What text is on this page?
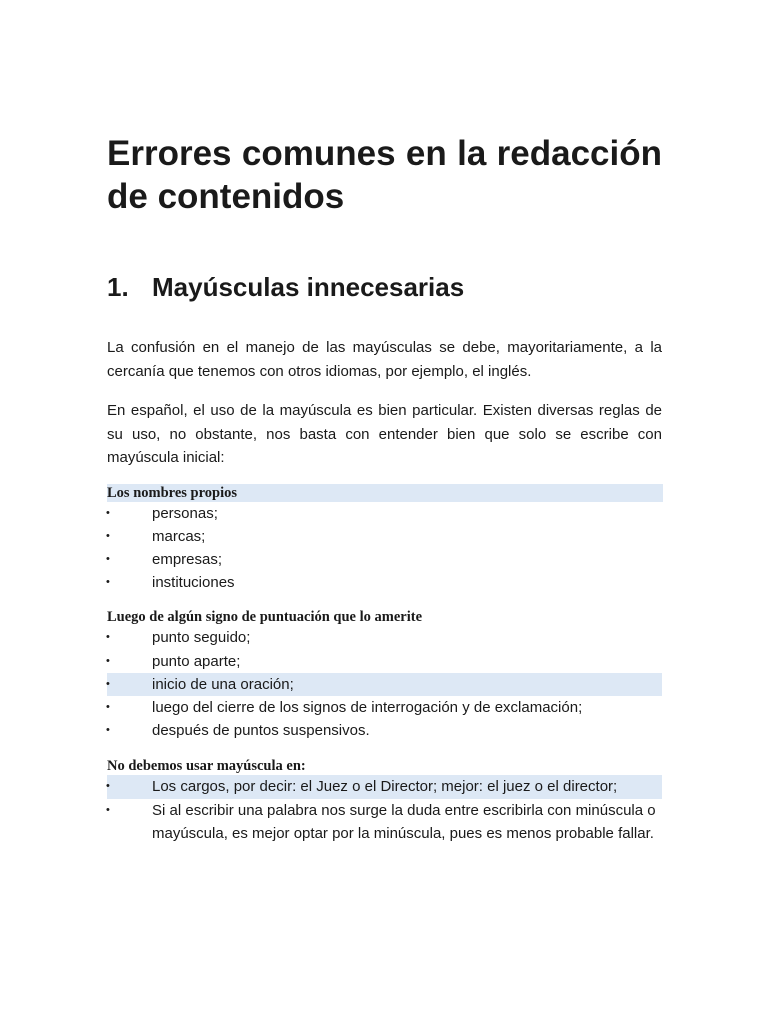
Errores comunes en la redacción de contenidos
1. Mayúsculas innecesarias

La confusión en el manejo de las mayúsculas se debe, mayoritariamente, a la cercanía que tenemos con otros idiomas, por ejemplo, el inglés.

En español, el uso de la mayúscula es bien particular. Existen diversas reglas de su uso, no obstante, nos basta con entender bien que solo se escribe con mayúscula inicial:

Los nombres propios

•	personas;
•	marcas;
•	empresas;
•	instituciones

Luego de algún signo de puntuación que lo amerite

•	punto seguido;
•	punto aparte;
•	inicio de una oración;
•	luego del cierre de los signos de interrogación y de exclamación;
•	después de puntos suspensivos.

No debemos usar mayúscula en:

•	Los cargos, por decir: el Juez o el Director; mejor: el juez o el director;
•	Si al escribir una palabra nos surge la duda entre escribirla con minúscula o mayúscula, es mejor optar por la minúscula, pues es menos probable fallar.
